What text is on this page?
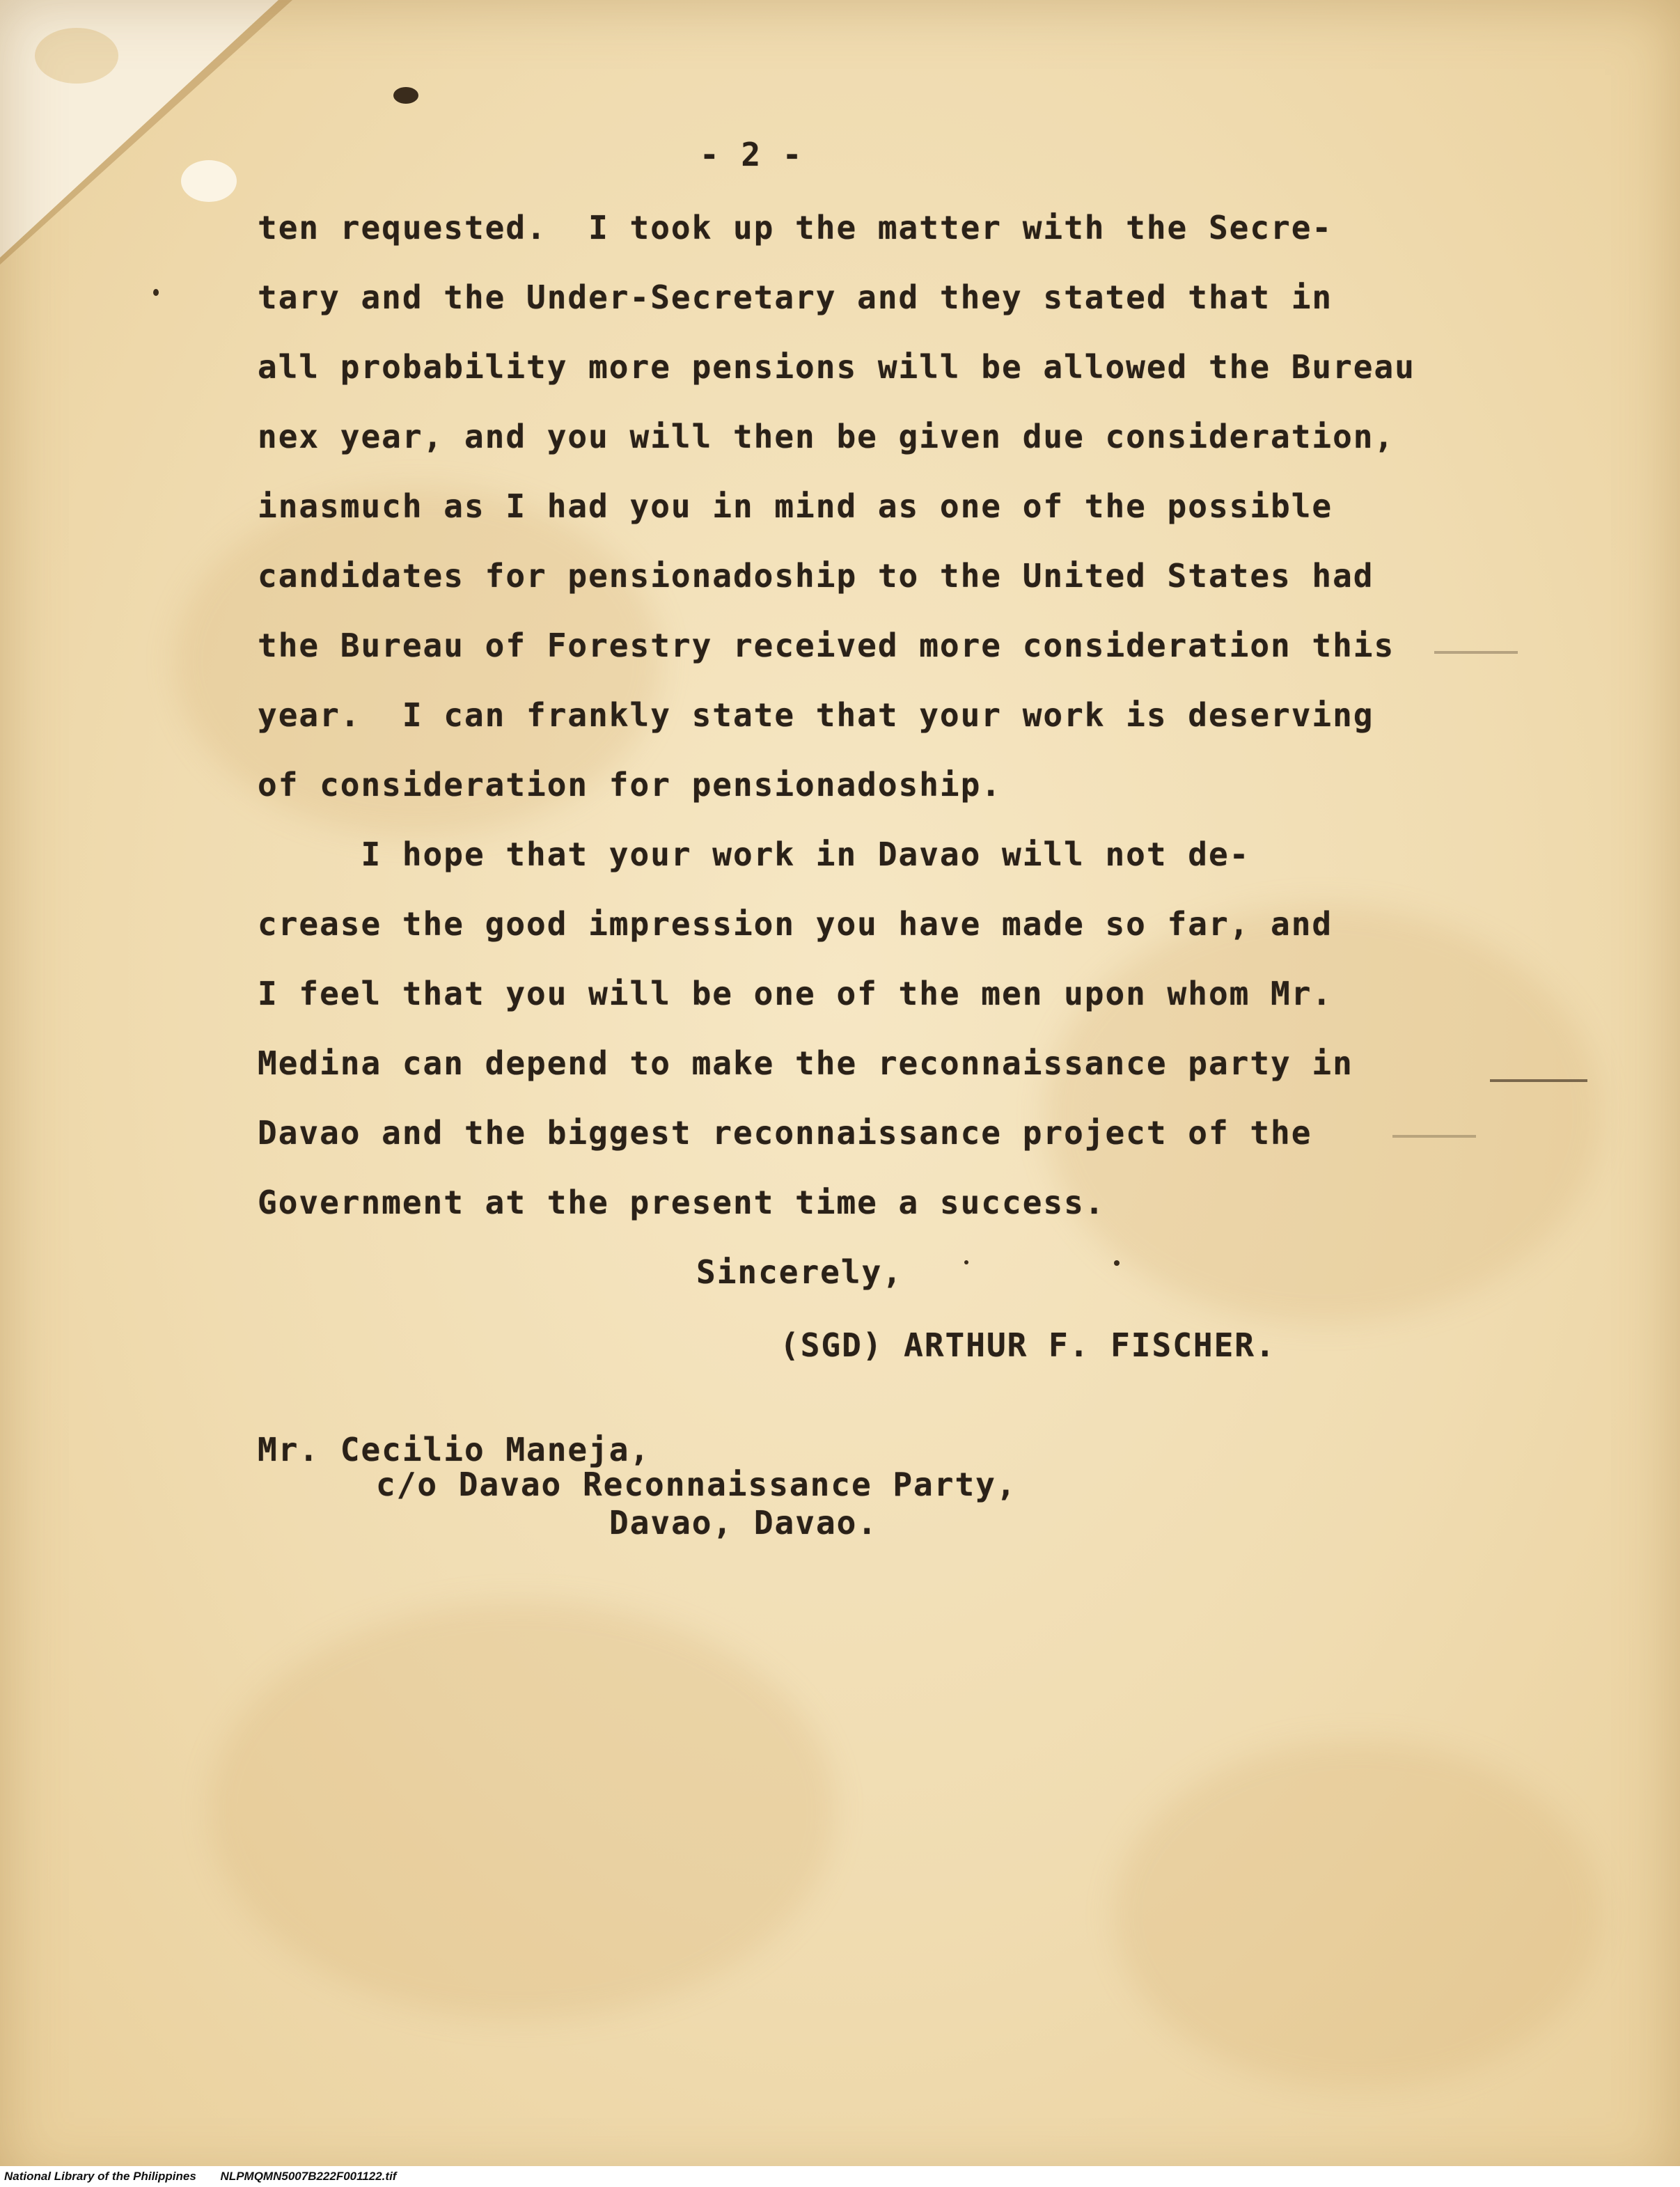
- 2 -
ten requested.  I took up the matter with the Secre-
tary and the Under-Secretary and they stated that in
all probability more pensions will be allowed the Bureau
nex year, and you will then be given due consideration,
inasmuch as I had you in mind as one of the possible
candidates for pensionadoship to the United States had
the Bureau of Forestry received more consideration this
year.  I can frankly state that your work is deserving
of consideration for pensionadoship.
I hope that your work in Davao will not de-
crease the good impression you have made so far, and
I feel that you will be one of the men upon whom Mr.
Medina can depend to make the reconnaissance party in
Davao and the biggest reconnaissance project of the
Government at the present time a success.
Sincerely,
(SGD) ARTHUR F. FISCHER.
Mr. Cecilio Maneja,
c/o Davao Reconnaissance Party,
Davao, Davao.
National Library of the Philippines NLPMQMN5007B222F001122.tif
